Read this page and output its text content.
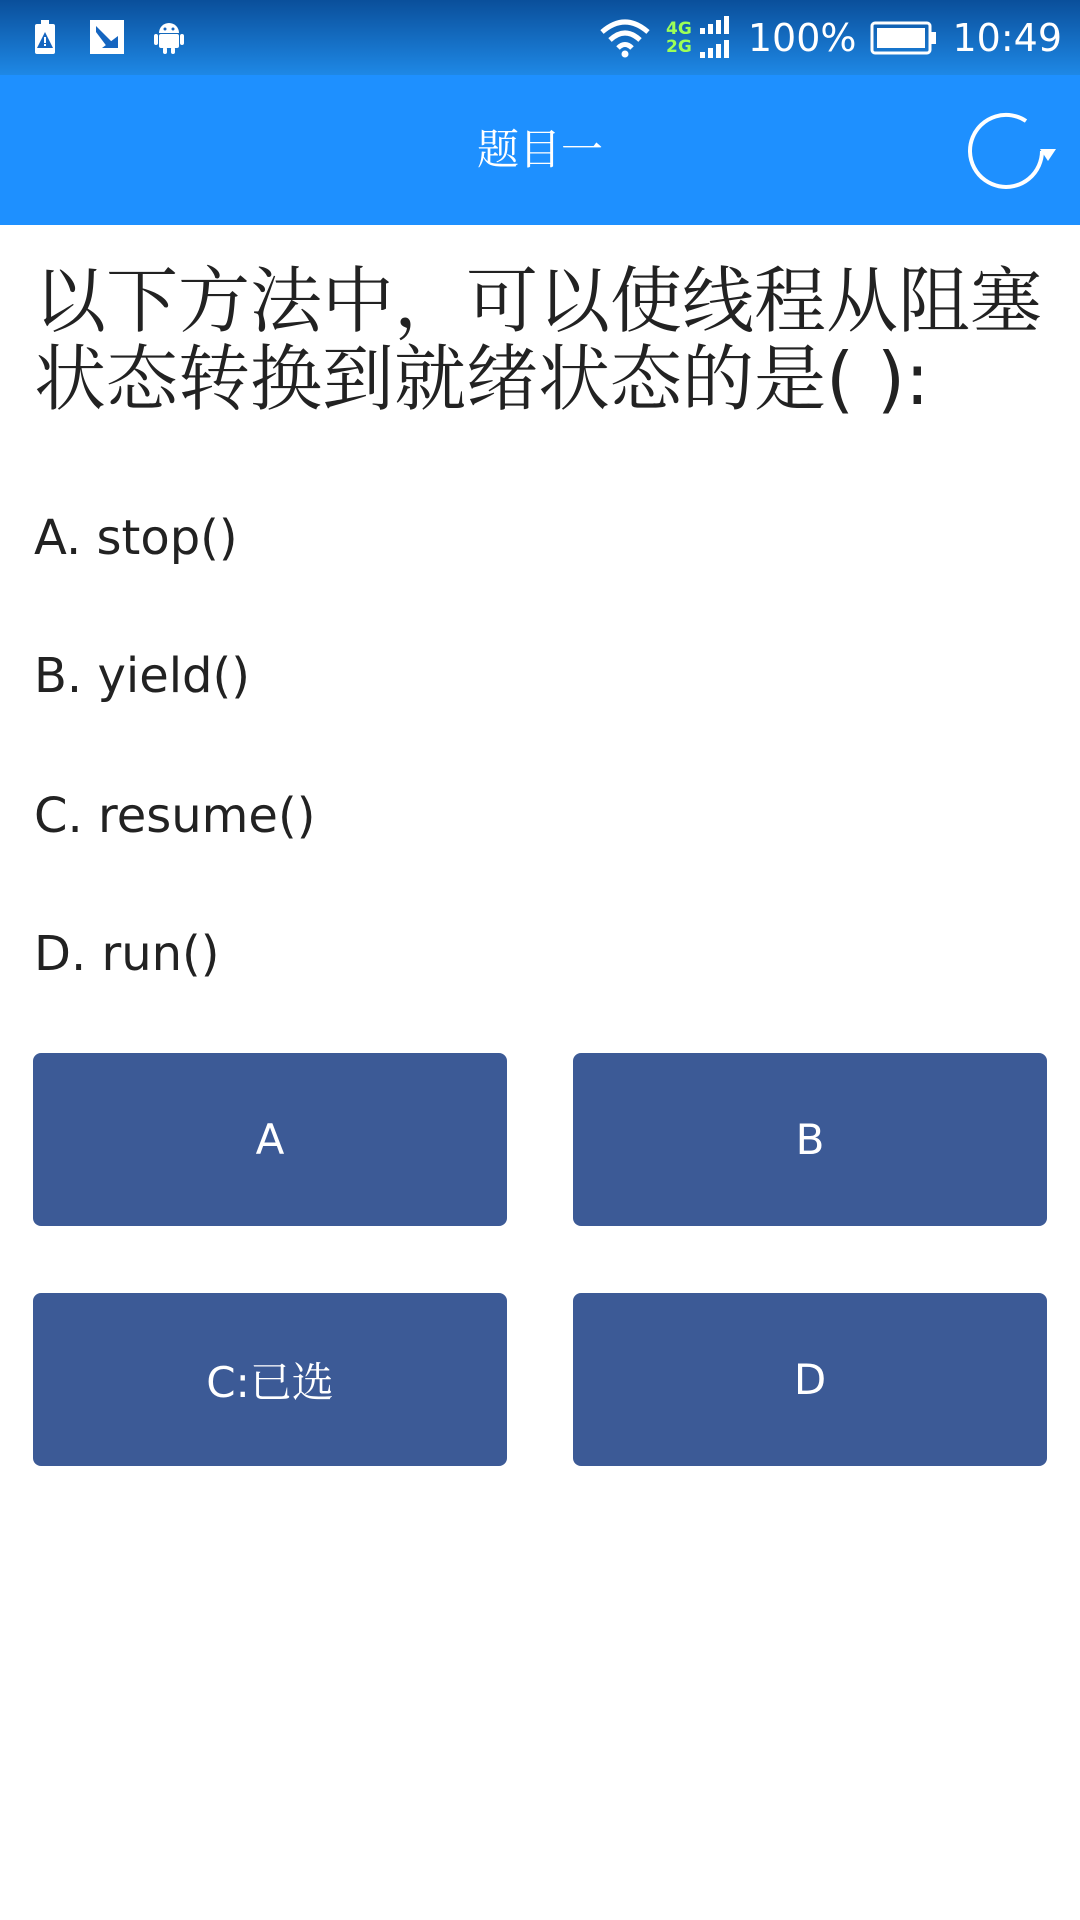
4G
2G 100%	10:49
题目一
以下方法中，可以使线程从阻塞状态转换到就绪状态的是( ):
A. stop()
B. yield()
C. resume()
D. run()
A	B
C:已选	D
